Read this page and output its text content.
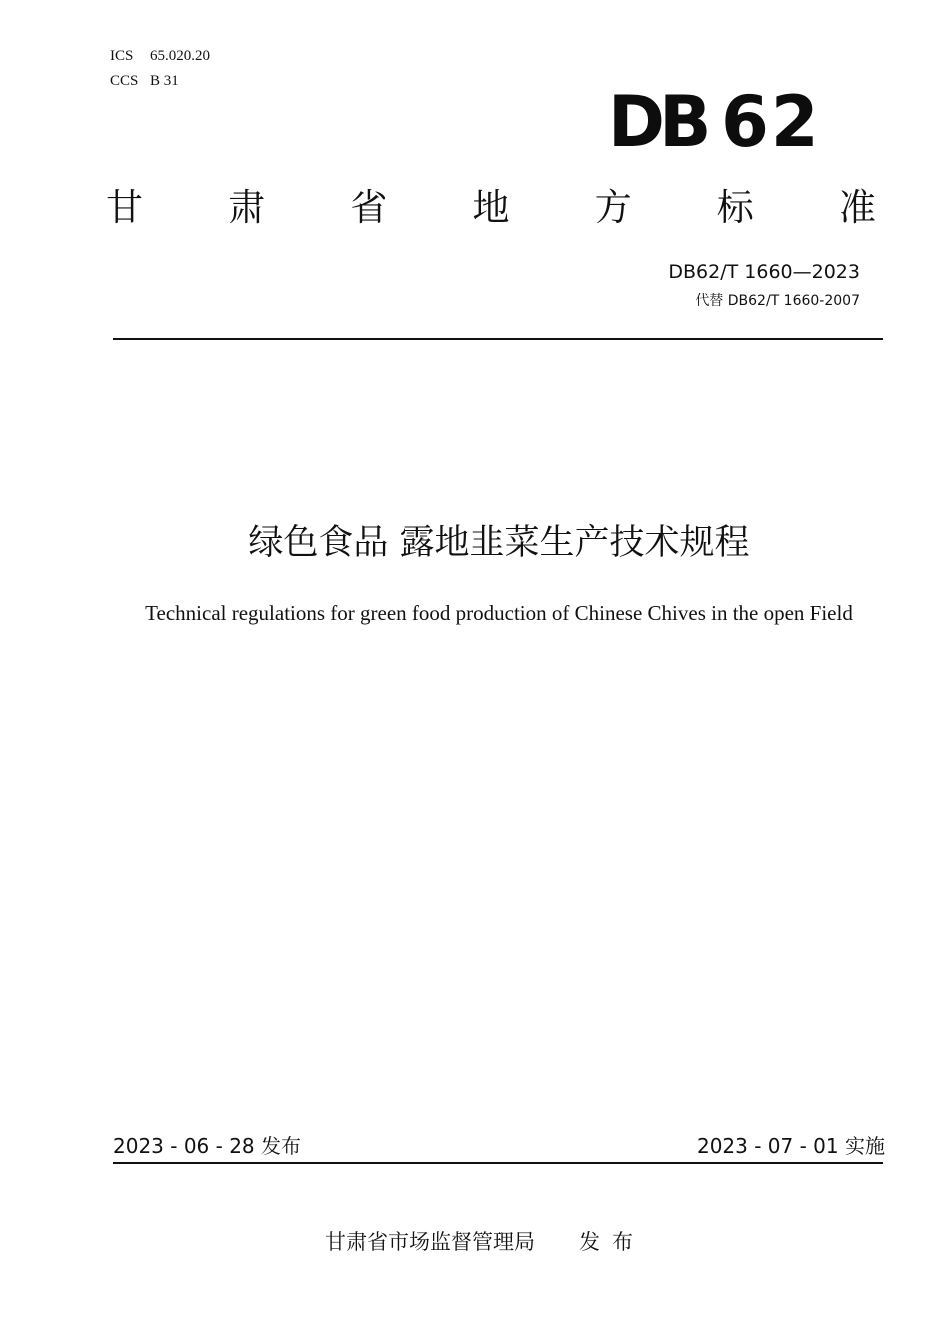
ICS 65.020.20
CCS B 31	DB 62
甘 肃 省 地 方 标 准
DB62/T 1660—2023
代替 DB62/T 1660-2007
绿色食品 露地韭菜生产技术规程
Technical regulations for green food production of Chinese Chives in the open Field
2023 - 06 - 28 发布	2023 - 07 - 01 实施
甘肃省市场监督管理局 发布
